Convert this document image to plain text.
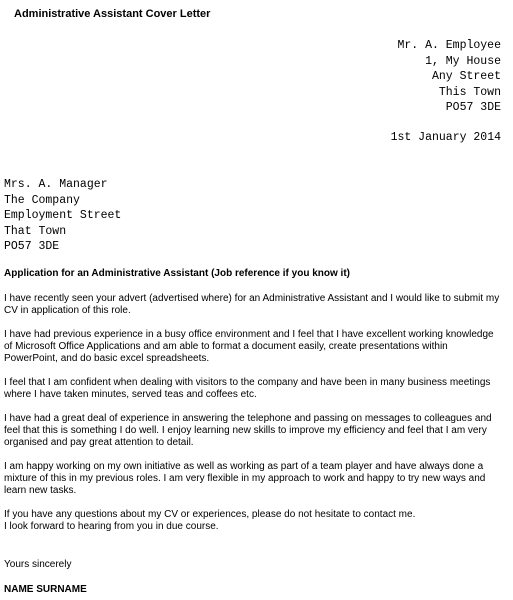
Administrative Assistant Cover Letter
Mr. A. Employee
1, My House
Any Street
This Town
PO57 3DE
1st January 2014
Mrs. A. Manager
The Company
Employment Street
That Town
PO57 3DE

Application for an Administrative Assistant (Job reference if you know it)

I have recently seen your advert (advertised where) for an Administrative Assistant and I would like to submit my CV in application of this role.

I have had previous experience in a busy office environment and I feel that I have excellent working knowledge of Microsoft Office Applications and am able to format a document easily, create presentations within PowerPoint, and do basic excel spreadsheets.

I feel that I am confident when dealing with visitors to the company and have been in many business meetings where I have taken minutes, served teas and coffees etc.

I have had a great deal of experience in answering the telephone and passing on messages to colleagues and feel that this is something I do well. I enjoy learning new skills to improve my efficiency and feel that I am very organised and pay great attention to detail.

I am happy working on my own initiative as well as working as part of a team player and have always done a mixture of this in my previous roles. I am very flexible in my approach to work and happy to try new ways and learn new tasks.

If you have any questions about my CV or experiences, please do not hesitate to contact me.

I look forward to hearing from you in due course.

Yours sincerely
NAME SURNAME
